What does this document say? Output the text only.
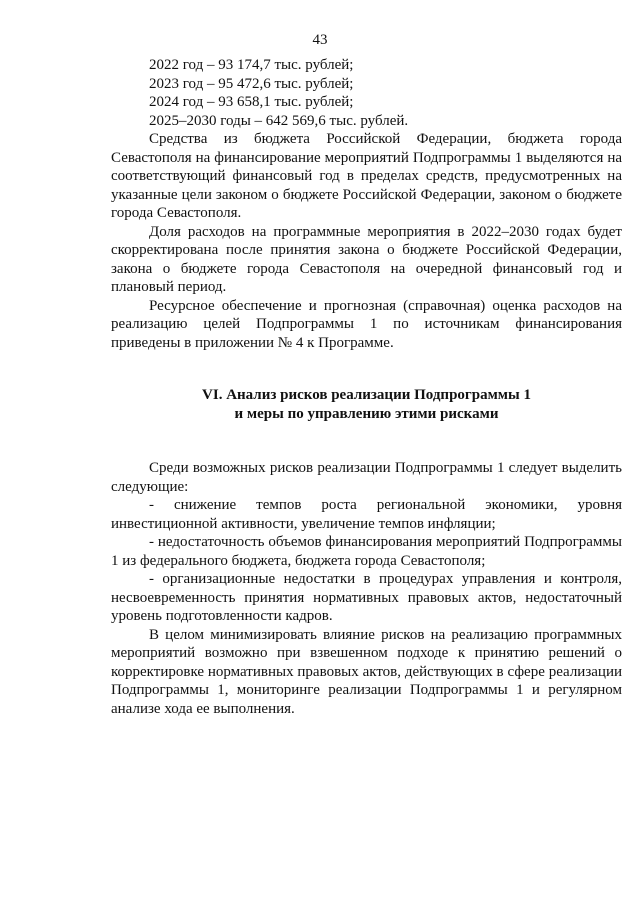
43

2022 год – 93 174,7 тыс. рублей;

2023 год – 95 472,6 тыс. рублей;

2024 год – 93 658,1 тыс. рублей;

2025–2030 годы – 642 569,6 тыс. рублей.

Средства из бюджета Российской Федерации, бюджета города Севастополя на финансирование мероприятий Подпрограммы 1 выделяются на соответствующий финансовый год в пределах средств, предусмотренных на указанные цели законом о бюджете Российской Федерации, законом о бюджете города Севастополя.

Доля расходов на программные мероприятия в 2022–2030 годах будет скорректирована после принятия закона о бюджете Российской Федерации, закона о бюджете города Севастополя на очередной финансовый год и плановый период.

Ресурсное обеспечение и прогнозная (справочная) оценка расходов на реализацию целей Подпрограммы 1 по источникам финансирования приведены в приложении № 4 к Программе.

VI. Анализ рисков реализации Подпрограммы 1
и меры по управлению этими рисками

Среди возможных рисков реализации Подпрограммы 1 следует выделить следующие:

- снижение темпов роста региональной экономики, уровня инвестиционной активности, увеличение темпов инфляции;

- недостаточность объемов финансирования мероприятий Подпрограммы 1 из федерального бюджета, бюджета города Севастополя;

- организационные недостатки в процедурах управления и контроля, несвоевременность принятия нормативных правовых актов, недостаточный уровень подготовленности кадров.

В целом минимизировать влияние рисков на реализацию программных мероприятий возможно при взвешенном подходе к принятию решений о корректировке нормативных правовых актов, действующих в сфере реализации Подпрограммы 1, мониторинге реализации Подпрограммы 1 и регулярном анализе хода ее выполнения.
